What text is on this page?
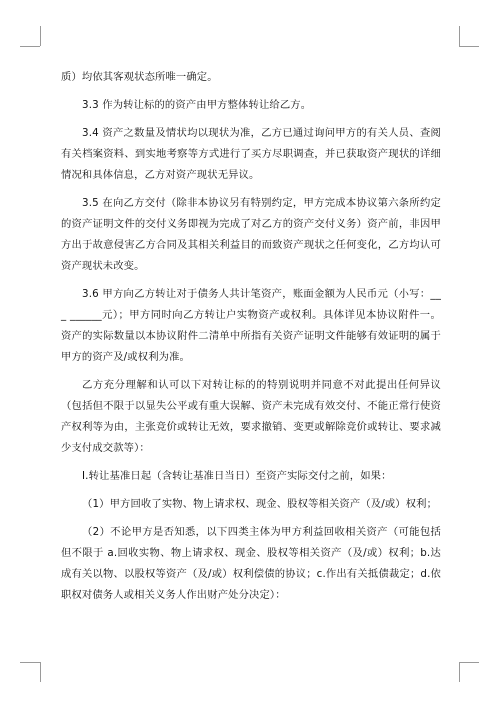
质）均依其客观状态所唯一确定。

3.3 作为转让标的的资产由甲方整体转让给乙方。

3.4 资产之数量及情状均以现状为准，乙方已通过询问甲方的有关人员、查阅有关档案资料、到实地考察等方式进行了买方尽职调查，并已获取资产现状的详细情况和具体信息，乙方对资产现状无异议。

3.5 在向乙方交付（除非本协议另有特别约定，甲方完成本协议第六条所约定的资产证明文件的交付义务即视为完成了对乙方的资产交付义务）资产前，非因甲方出于故意侵害乙方合同及其相关利益目的而致资产现状之任何变化，乙方均认可资产现状未改变。

3.6 甲方向乙方转让对于债务人共计笔资产，账面金额为人民币元（小写：___ ______元）；甲方同时向乙方转让户实物资产或权利。具体详见本协议附件一。资产的实际数量以本协议附件二清单中所指有关资产证明文件能够有效证明的属于甲方的资产及/或权利为准。

乙方充分理解和认可以下对转让标的的特别说明并同意不对此提出任何异议（包括但不限于以显失公平或有重大误解、资产未完成有效交付、不能正常行使资产权利等为由，主张竞价或转让无效，要求撤销、变更或解除竞价或转让、要求减少支付成交款等）：

Ⅰ.转让基准日起（含转让基准日当日）至资产实际交付之前，如果：

（1）甲方回收了实物、物上请求权、现金、股权等相关资产（及/或）权利；

（2）不论甲方是否知悉，以下四类主体为甲方利益回收相关资产（可能包括但不限于 a.回收实物、物上请求权、现金、股权等相关资产（及/或）权利；b.达成有关以物、以股权等资产（及/或）权利偿债的协议；c.作出有关抵债裁定；d.依职权对债务人或相关义务人作出财产处分决定）：
